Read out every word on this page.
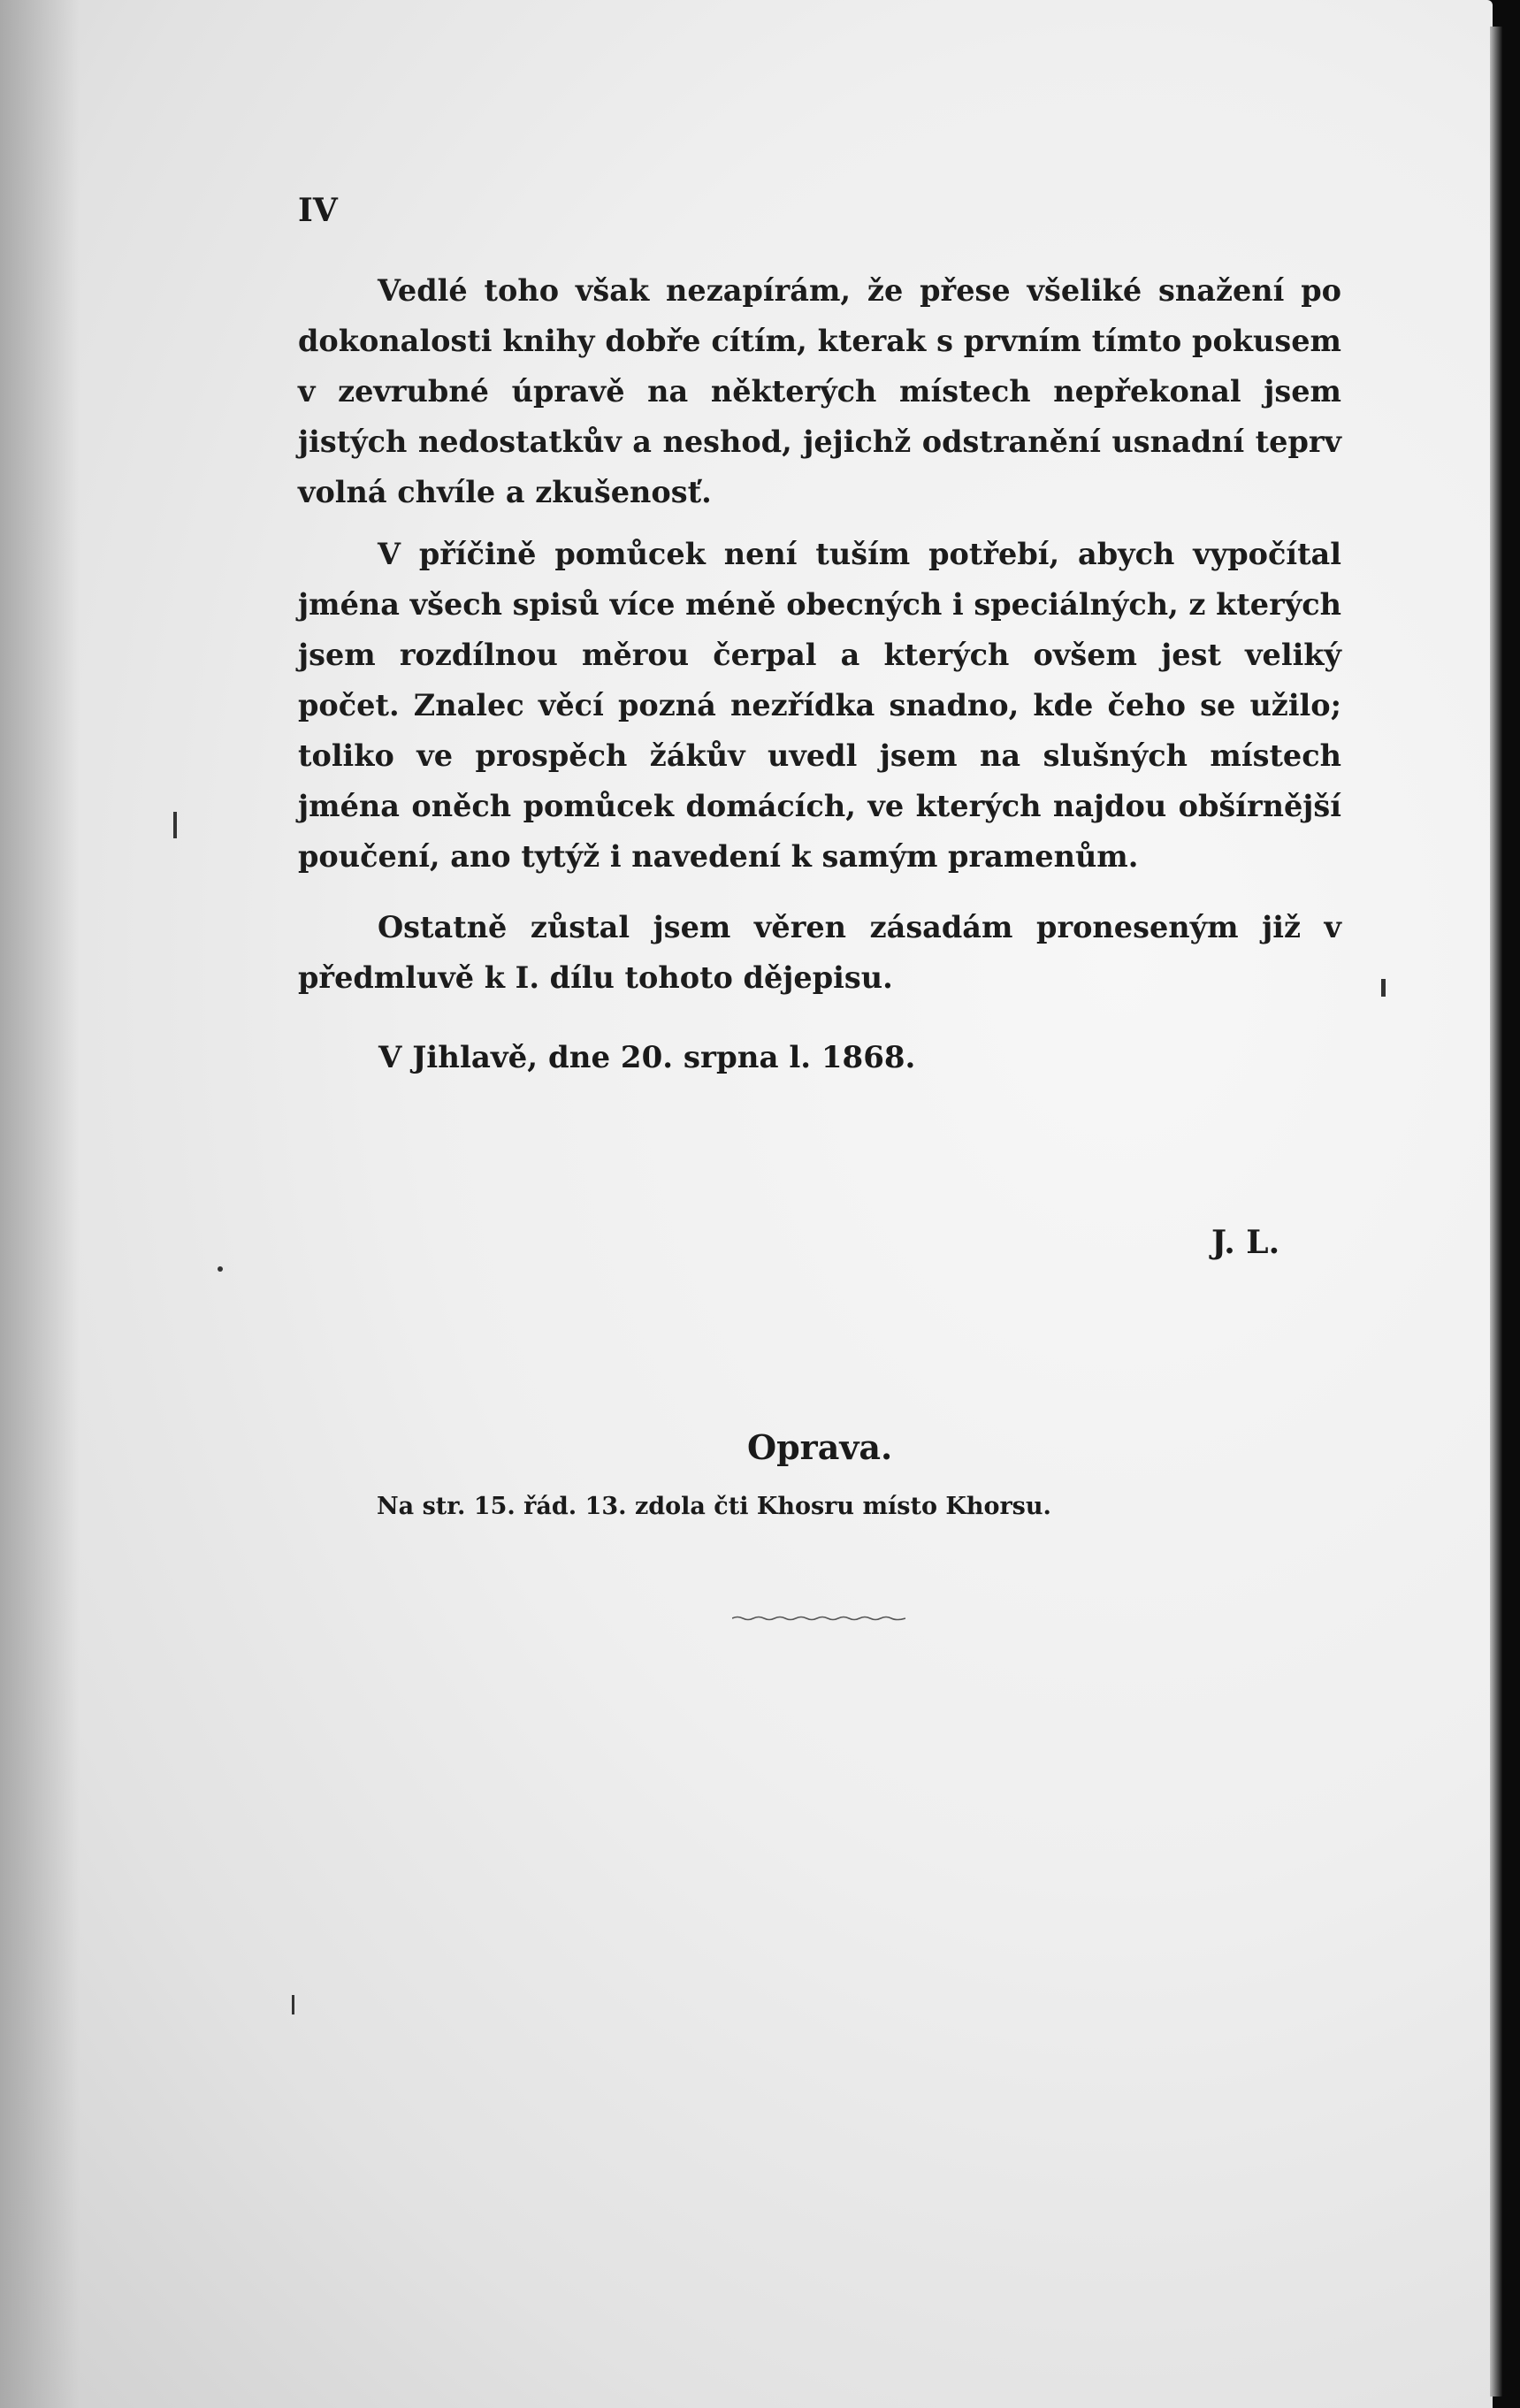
IV

Vedlé toho však nezapírám, že přese všeliké snažení po dokonalosti knihy dobře cítím, kterak s prvním tímto pokusem v zevrubné úpravě na některých místech nepřekonal jsem jistých nedostatkův a neshod, jejichž odstranění usnadní teprv volná chvíle a zkušenosť.

V příčině pomůcek není tuším potřebí, abych vypočítal jména všech spisů více méně obecných i speciálných, z kterých jsem rozdílnou měrou čerpal a kterých ovšem jest veliký počet. Znalec věcí pozná nezřídka snadno, kde čeho se užilo; toliko ve prospěch žákův uvedl jsem na slušných místech jména oněch pomůcek domácích, ve kterých najdou obšírnější poučení, ano tytýž i navedení k samým pramenům.

Ostatně zůstal jsem věren zásadám proneseným již v předmluvě k I. dílu tohoto dějepisu.

V Jihlavě, dne 20. srpna l. 1868.
J. L.
Oprava.
Na str. 15. řád. 13. zdola čti Khosru místo Khorsu.
